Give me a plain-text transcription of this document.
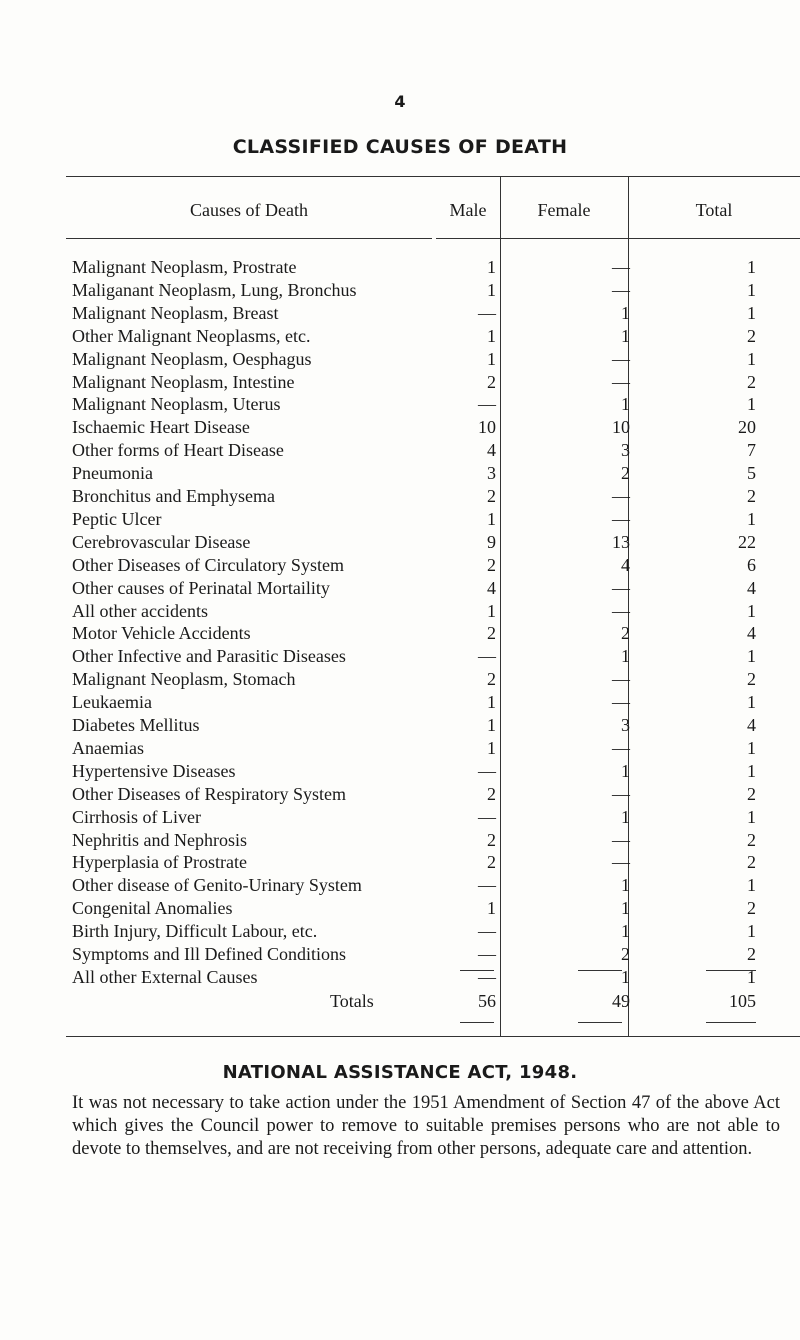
4
CLASSIFIED CAUSES OF DEATH
Causes of Death	Male	Female	Total
Malignant Neoplasm, Prostrate	1	—	1
Maliganant Neoplasm, Lung, Bronchus	1	—	1
Malignant Neoplasm, Breast	—	1	1
Other Malignant Neoplasms, etc.	1	1	2
Malignant Neoplasm, Oesphagus	1	—	1
Malignant Neoplasm, Intestine	2	—	2
Malignant Neoplasm, Uterus	—	1	1
Ischaemic Heart Disease	10	10	20
Other forms of Heart Disease	4	3	7
Pneumonia	3	2	5
Bronchitus and Emphysema	2	—	2
Peptic Ulcer	1	—	1
Cerebrovascular Disease	9	13	22
Other Diseases of Circulatory System	2	4	6
Other causes of Perinatal Mortaility	4	—	4
All other accidents	1	—	1
Motor Vehicle Accidents	2	2	4
Other Infective and Parasitic Diseases	—	1	1
Malignant Neoplasm, Stomach	2	—	2
Leukaemia	1	—	1
Diabetes Mellitus	1	3	4
Anaemias	1	—	1
Hypertensive Diseases	—	1	1
Other Diseases of Respiratory System	2	—	2
Cirrhosis of Liver	—	1	1
Nephritis and Nephrosis	2	—	2
Hyperplasia of Prostrate	2	—	2
Other disease of Genito-Urinary System	—	1	1
Congenital Anomalies	1	1	2
Birth Injury, Difficult Labour, etc.	—	1	1
Symptoms and Ill Defined Conditions	—	2	2
All other External Causes	—	1	1
Totals	56	49	105
NATIONAL ASSISTANCE ACT, 1948.
It was not necessary to take action under the 1951 Amendment of Section 47 of the above Act which gives the Council power to remove to suitable premises persons who are not able to devote to themselves, and are not receiving from other persons, adequate care and attention.
